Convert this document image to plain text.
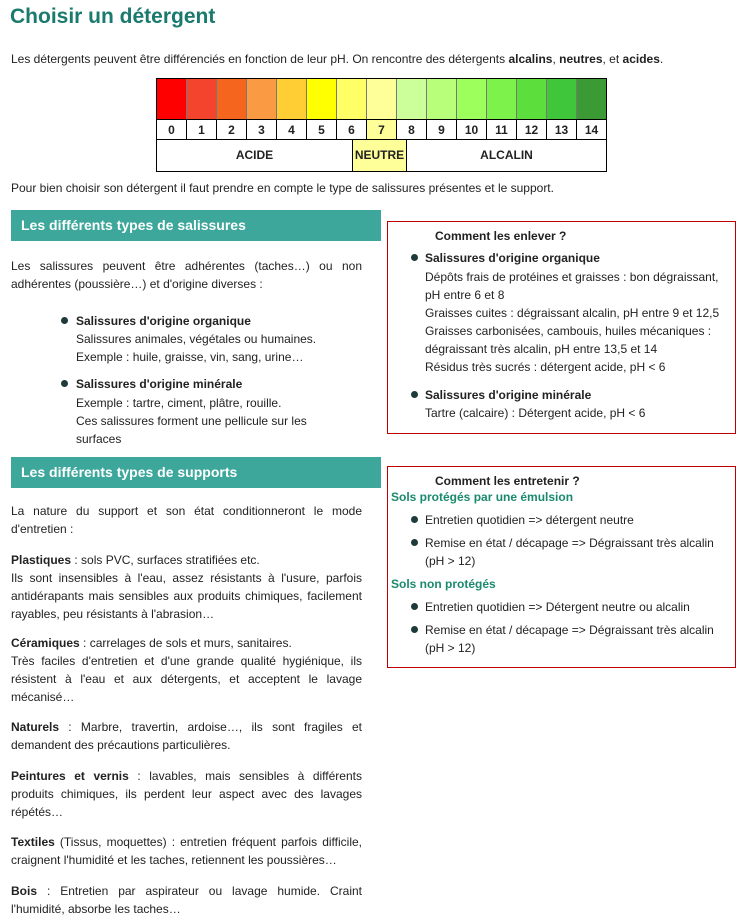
Choisir un détergent
Les détergents peuvent être différenciés en fonction de leur pH. On rencontre des détergents alcalins, neutres, et acides.
0	1	2	3	4	5	6	7	8	9	10	11	12	13	14
ACIDE	NEUTRE	ALCALIN
Pour bien choisir son détergent il faut prendre en compte le type de salissures présentes et le support.
Les différents types de salissures
Les salissures peuvent être adhérentes (taches…) ou non adhérentes (poussière…) et d'origine diverses :
Salissures d'origine organique
Salissures animales, végétales ou humaines.
Exemple : huile, graisse, vin, sang, urine…
Salissures d'origine minérale
Exemple : tartre, ciment, plâtre, rouille.
Ces salissures forment une pellicule sur les
surfaces
Comment les enlever ?
Salissures d'origine organique
Dépôts frais de protéines et graisses : bon dégraissant,
pH entre 6 et 8
Graisses cuites : dégraissant alcalin, pH entre 9 et 12,5
Graisses carbonisées, cambouis, huiles mécaniques :
dégraissant très alcalin, pH entre 13,5 et 14
Résidus très sucrés : détergent acide, pH < 6
Salissures d'origine minérale
Tartre (calcaire) : Détergent acide, pH < 6
Les différents types de supports
La nature du support et son état conditionneront le mode d'entretien :
Plastiques : sols PVC, surfaces stratifiées etc.
Ils sont insensibles à l'eau, assez résistants à l'usure, parfois antidérapants mais sensibles aux produits chimiques, facilement rayables, peu résistants à l'abrasion…
Céramiques : carrelages de sols et murs, sanitaires.
Très faciles d'entretien et d'une grande qualité hygiénique, ils résistent à l'eau et aux détergents, et acceptent le lavage mécanisé…
Naturels : Marbre, travertin, ardoise…, ils sont fragiles et demandent des précautions particulières.
Peintures et vernis : lavables, mais sensibles à différents produits chimiques, ils perdent leur aspect avec des lavages répétés…
Textiles (Tissus, moquettes) : entretien fréquent parfois difficile, craignent l'humidité et les taches, retiennent les poussières…
Bois : Entretien par aspirateur ou lavage humide. Craint l'humidité, absorbe les taches…
Comment les entretenir ?
Sols protégés par une émulsion
Entretien quotidien => détergent neutre
Remise en état / décapage => Dégraissant très alcalin
(pH > 12)
Sols non protégés
Entretien quotidien => Détergent neutre ou alcalin
Remise en état / décapage => Dégraissant très alcalin
(pH > 12)
